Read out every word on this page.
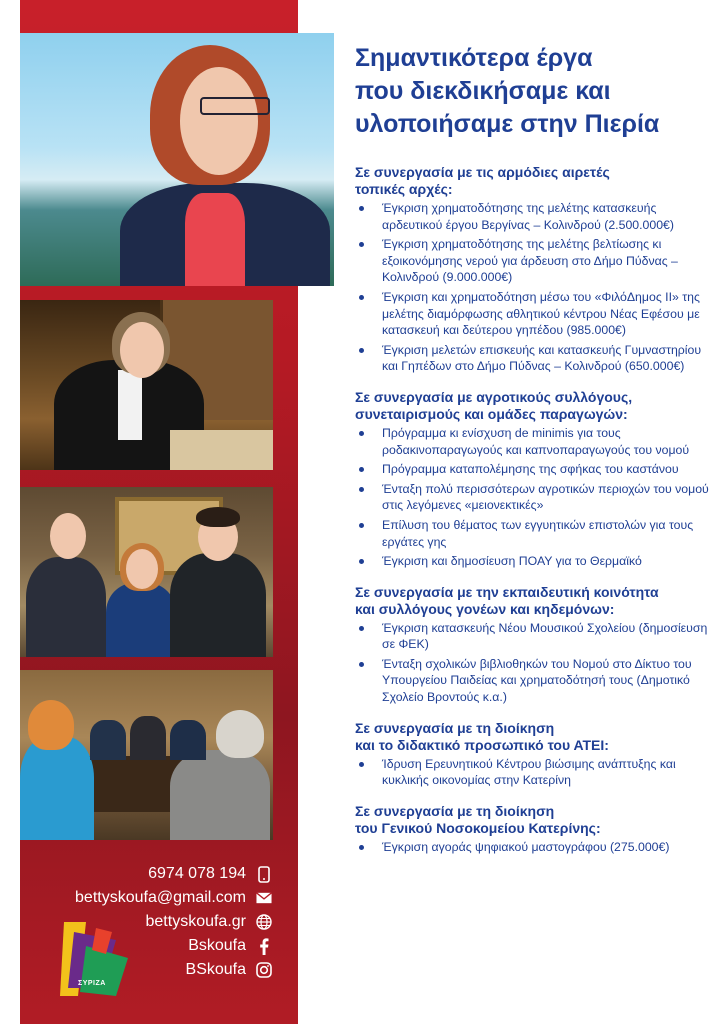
Σημαντικότερα έργα
που διεκδικήσαμε και
υλοποιήσαμε στην Πιερία
Σε συνεργασία με τις αρμόδιες αιρετές
τοπικές αρχές:
Έγκριση χρηματοδότησης της μελέτης κατασκευής αρδευτικού έργου Βεργίνας – Κολινδρού (2.500.000€)
Έγκριση χρηματοδότησης της μελέτης βελτίωσης κι εξοικονόμησης νερού για άρδευση στο Δήμο Πύδνας – Κολινδρού (9.000.000€)
Έγκριση και χρηματοδότηση μέσω του «ΦιλόΔημος ΙΙ» της μελέτης διαμόρφωσης αθλητικού κέντρου Νέας Εφέσου με κατασκευή και δεύτερου γηπέδου (985.000€)
Έγκριση μελετών επισκευής και κατασκευής Γυμναστηρίου και Γηπέδων στο Δήμο Πύδνας – Κολινδρού (650.000€)
Σε συνεργασία με αγροτικούς συλλόγους,
συνεταιρισμούς και ομάδες παραγωγών:
Πρόγραμμα κι ενίσχυση de minimis για τους ροδακινοπαραγωγούς και καπνοπαραγωγούς του νομού
Πρόγραμμα καταπολέμησης της σφήκας του καστάνου
Ένταξη πολύ περισσότερων αγροτικών περιοχών του νομού στις λεγόμενες «μειονεκτικές»
Επίλυση του θέματος των εγγυητικών επιστολών για τους εργάτες γης
Έγκριση και δημοσίευση ΠΟΑΥ για το Θερμαϊκό
Σε συνεργασία με την εκπαιδευτική κοινότητα
και συλλόγους γονέων και κηδεμόνων:
Έγκριση κατασκευής Νέου Μουσικού Σχολείου (δημοσίευση σε ΦΕΚ)
Ένταξη σχολικών βιβλιοθηκών του Νομού στο Δίκτυο του Υπουργείου Παιδείας και χρηματοδότησή τους (Δημοτικό Σχολείο Βροντούς κ.α.)
Σε συνεργασία με τη διοίκηση
και το διδακτικό προσωπικό του ΑΤΕΙ:
Ίδρυση Ερευνητικού Κέντρου βιώσιμης ανάπτυξης και κυκλικής οικονομίας στην Κατερίνη
Σε συνεργασία με τη διοίκηση
του Γενικού Νοσοκομείου Κατερίνης:
Έγκριση αγοράς ψηφιακού μαστογράφου (275.000€)
6974 078 194
bettyskoufa@gmail.com
bettyskoufa.gr
Bskoufa
BSkoufa
ΣΥΡΙΖΑ
